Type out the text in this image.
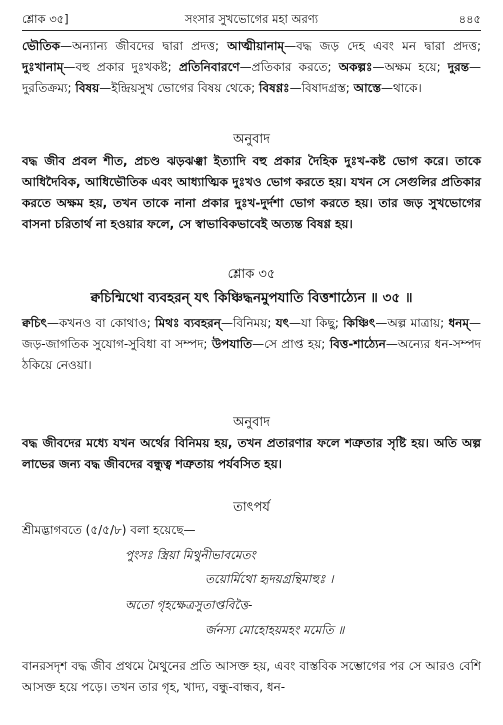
শ্লোক ৩৫]	সংসার সুখভোগের মহা অরণ্য	৪৪৫

ভৌতিক—অন্যান্য জীবদের দ্বারা প্রদত্ত; আত্মীয়ানাম্—বদ্ধ জড় দেহ এবং মন দ্বারা প্রদত্ত; দুঃখানাম্—বহু প্রকার দুঃখকষ্ট; প্রতিনিবারণে—প্রতিকার করতে; অকল্পঃ—অক্ষম হয়ে; দুরন্ত—দুরতিক্রম্য; বিষয়—ইন্দ্রিয়সুখ ভোগের বিষয় থেকে; বিষণ্ণঃ—বিষাদগ্রস্ত; আস্তে—থাকে।

অনুবাদ

বদ্ধ জীব প্রবল শীত, প্রচণ্ড ঝড়ঝঞ্ঝা ইত্যাদি বহু প্রকার দৈহিক দুঃখ-কষ্ট ভোগ করে। তাকে আধিদৈবিক, আধিভৌতিক এবং আধ্যাত্মিক দুঃখও ভোগ করতে হয়। যখন সে সেগুলির প্রতিকার করতে অক্ষম হয়, তখন তাকে নানা প্রকার দুঃখ-দুর্দশা ভোগ করতে হয়। তার জড় সুখভোগের বাসনা চরিতার্থ না হওয়ার ফলে, সে স্বাভাবিকভাবেই অত্যন্ত বিষণ্ণ হয়।

শ্লোক ৩৫
ক্বচিন্মিথো ব্যবহরন্ যৎ কিঞ্চিদ্ধনমুপযাতি বিত্তশাঠ্যেন ॥ ৩৫ ॥

ক্বচিৎ—কখনও বা কোথাও; মিথঃ ব্যবহরন্—বিনিময়; যৎ—যা কিছু; কিঞ্চিৎ—অল্প মাত্রায়; ধনম্—জড়-জাগতিক সুযোগ-সুবিধা বা সম্পদ; উপযাতি—সে প্রাপ্ত হয়; বিত্ত-শাঠ্যেন—অন্যের ধন-সম্পদ ঠকিয়ে নেওয়া।

অনুবাদ

বদ্ধ জীবদের মধ্যে যখন অর্থের বিনিময় হয়, তখন প্রতারণার ফলে শত্রুতার সৃষ্টি হয়। অতি অল্প লাভের জন্য বদ্ধ জীবদের বন্ধুত্ব শত্রুতায় পর্যবসিত হয়।

তাৎপর্য

শ্রীমদ্ভাগবতে (৫/৫/৮) বলা হয়েছে—

পুংসঃ স্ত্রিয়া মিথুনীভাবমেতং
তয়োর্মিথো হৃদয়গ্রন্থিমাহুঃ ।
অতো গৃহক্ষেত্রসুতাপ্তবিত্তৈ-
র্জনস্য মোহোহয়মহং মমেতি ॥

বানরসদৃশ বদ্ধ জীব প্রথমে মৈথুনের প্রতি আসক্ত হয়, এবং বাস্তবিক সম্ভোগের পর সে আরও বেশি আসক্ত হয়ে পড়ে। তখন তার গৃহ, খাদ্য, বন্ধু-বান্ধব, ধন-
